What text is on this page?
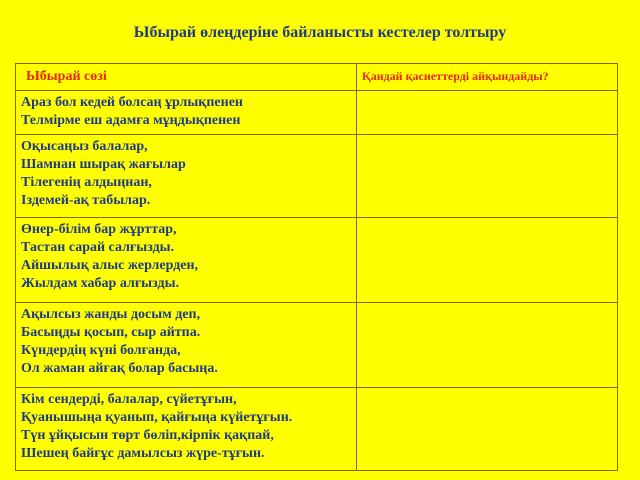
Ыбырай өлеңдеріне байланысты кестелер толтыру
Ыбырай сөзі	Қандай қасиеттерді айқындайды?

Араз бол кедей болсаң ұрлықпенен
Телмірме еш адамға мұңдықпенен	

Оқысаңыз балалар,
Шамнан шырақ жағылар
Тілегенің алдыңнан,
Іздемей-ақ табылар.	

Өнер-білім бар жұрттар,
Тастан сарай салғызды.
Айшылық алыс жерлерден,
Жылдам хабар алғызды.	

Ақылсыз жанды досым деп,
Басыңды қосып, сыр айтпа.
Күндердің күні болғанда,
Ол жаман айғақ болар басыңа.	

Кім сендерді, балалар, сүйетұғын,
Қуанышыңа қуанып, қайғыңа күйетұғын.
Түн ұйқысын төрт бөліп,кірпік қақпай,
Шешең байғұс дамылсыз жүре-тұғын.	
